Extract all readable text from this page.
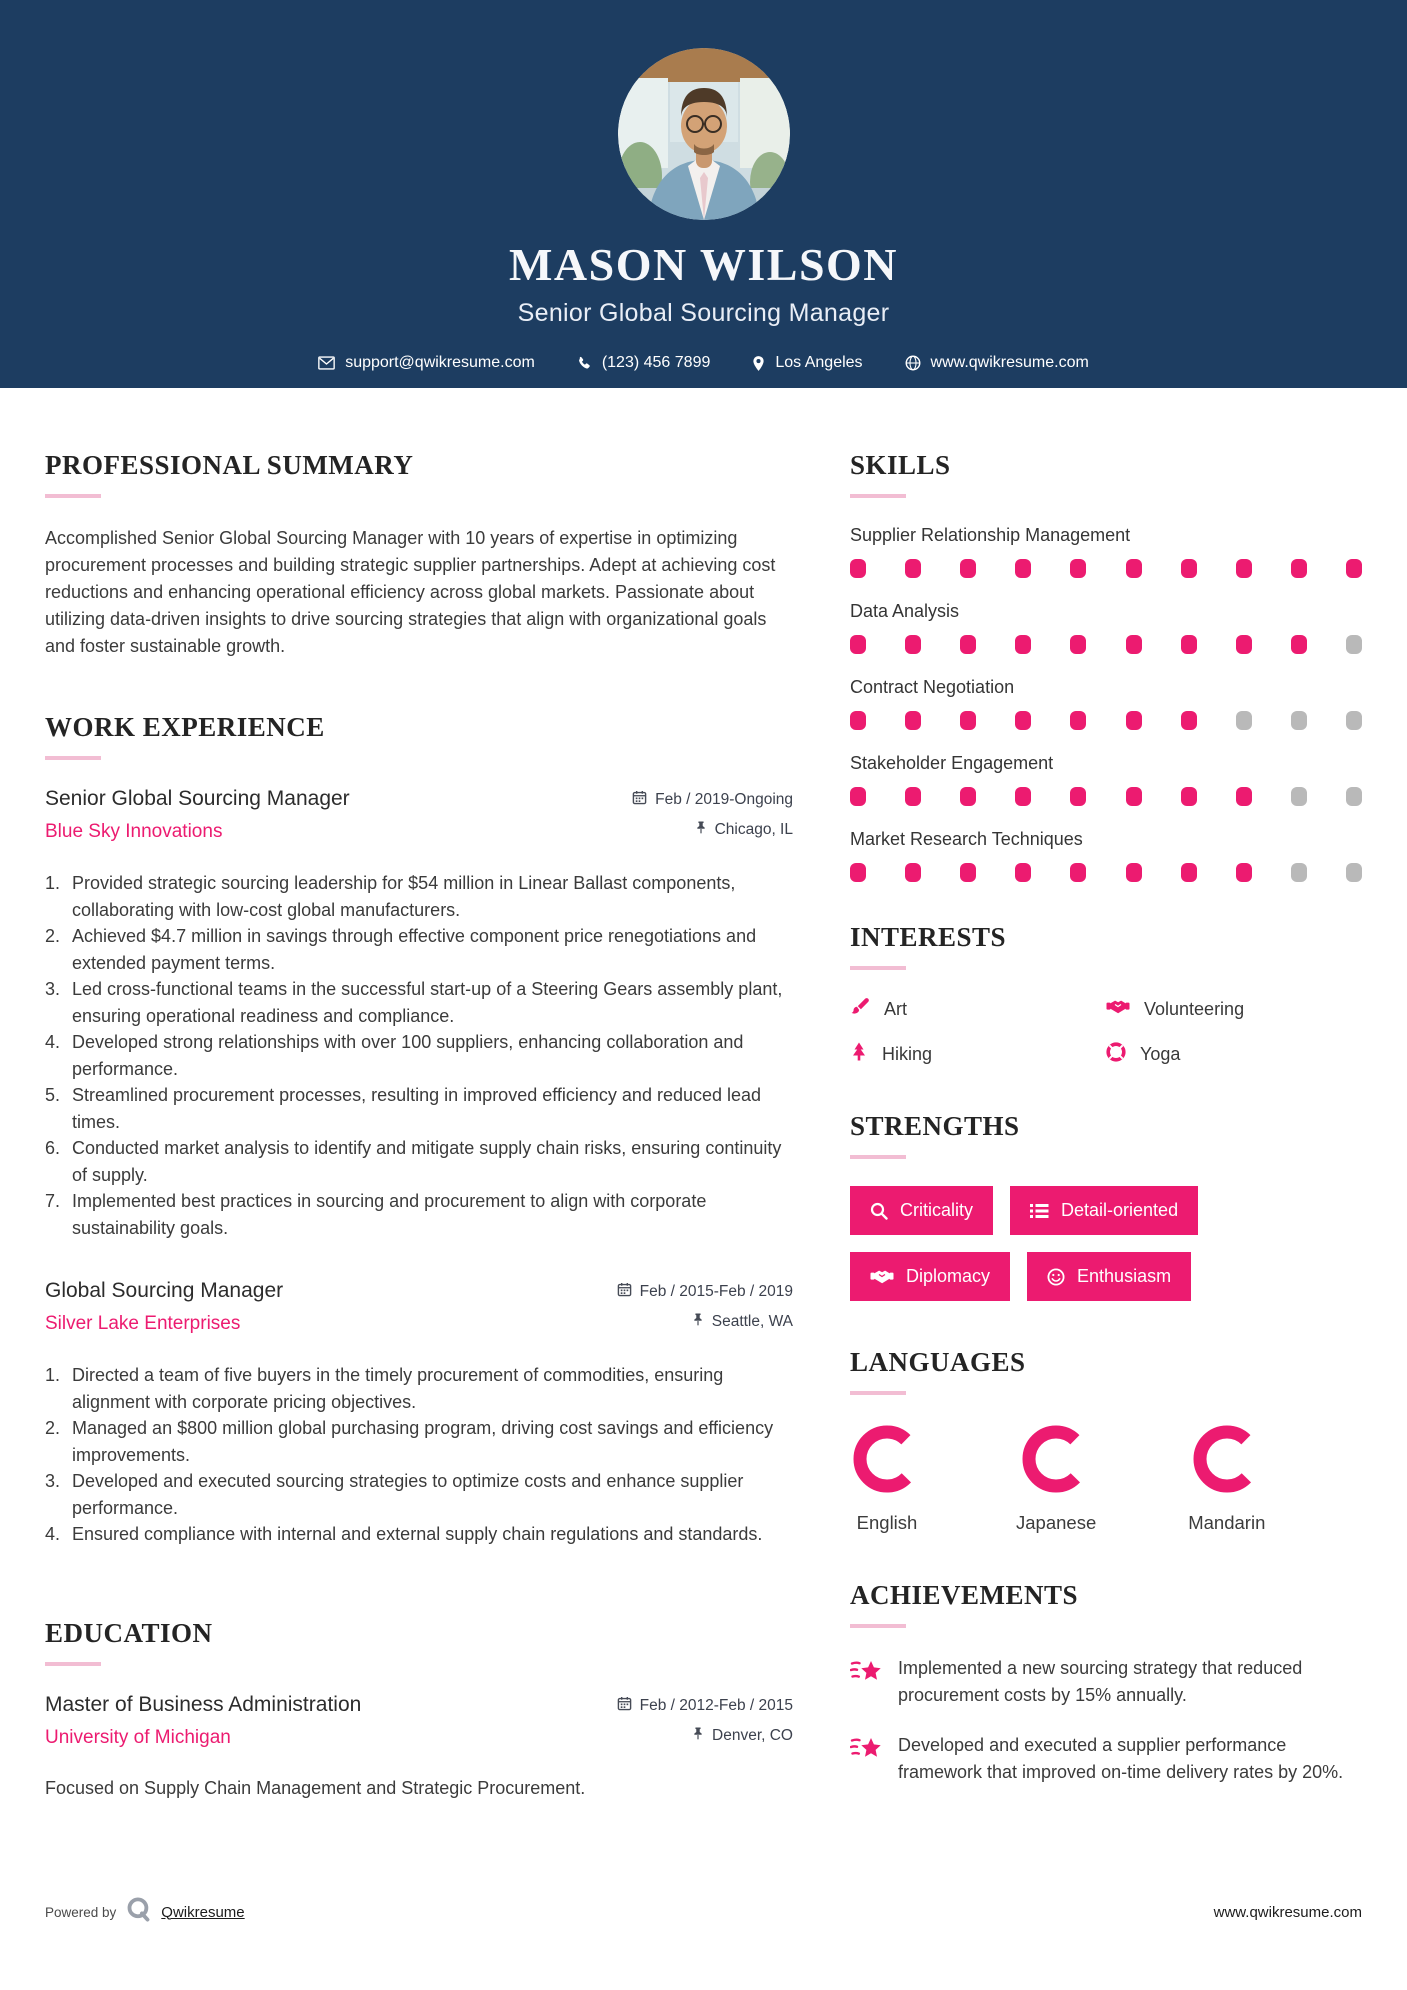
MASON WILSON
Senior Global Sourcing Manager
support@qwikresume.com	(123) 456 7899	Los Angeles	www.qwikresume.com
PROFESSIONAL SUMMARY

Accomplished Senior Global Sourcing Manager with 10 years of expertise in optimizing procurement processes and building strategic supplier partnerships. Adept at achieving cost reductions and enhancing operational efficiency across global markets. Passionate about utilizing data-driven insights to drive sourcing strategies that align with organizational goals and foster sustainable growth.

WORK EXPERIENCE
Senior Global Sourcing Manager
Blue Sky Innovations
Feb / 2019-Ongoing
Chicago, IL
Provided strategic sourcing leadership for $54 million in Linear Ballast components, collaborating with low-cost global manufacturers.
Achieved $4.7 million in savings through effective component price renegotiations and extended payment terms.
Led cross-functional teams in the successful start-up of a Steering Gears assembly plant, ensuring operational readiness and compliance.
Developed strong relationships with over 100 suppliers, enhancing collaboration and performance.
Streamlined procurement processes, resulting in improved efficiency and reduced lead times.
Conducted market analysis to identify and mitigate supply chain risks, ensuring continuity of supply.
Implemented best practices in sourcing and procurement to align with corporate sustainability goals.
Global Sourcing Manager
Silver Lake Enterprises
Feb / 2015-Feb / 2019
Seattle, WA
Directed a team of five buyers in the timely procurement of commodities, ensuring alignment with corporate pricing objectives.
Managed an $800 million global purchasing program, driving cost savings and efficiency improvements.
Developed and executed sourcing strategies to optimize costs and enhance supplier performance.
Ensured compliance with internal and external supply chain regulations and standards.
EDUCATION
Master of Business Administration
University of Michigan
Feb / 2012-Feb / 2015
Denver, CO

Focused on Supply Chain Management and Strategic Procurement.

SKILLS
Supplier Relationship Management
Data Analysis
Contract Negotiation
Stakeholder Engagement
Market Research Techniques
INTERESTS
Art	Volunteering
Hiking	Yoga
STRENGTHS
Criticality	Detail-oriented
Diplomacy	Enthusiasm
LANGUAGES
English	Japanese	Mandarin
ACHIEVEMENTS
Implemented a new sourcing strategy that reduced procurement costs by 15% annually.
Developed and executed a supplier performance framework that improved on-time delivery rates by 20%.
Powered by	Qwikresume	www.qwikresume.com
